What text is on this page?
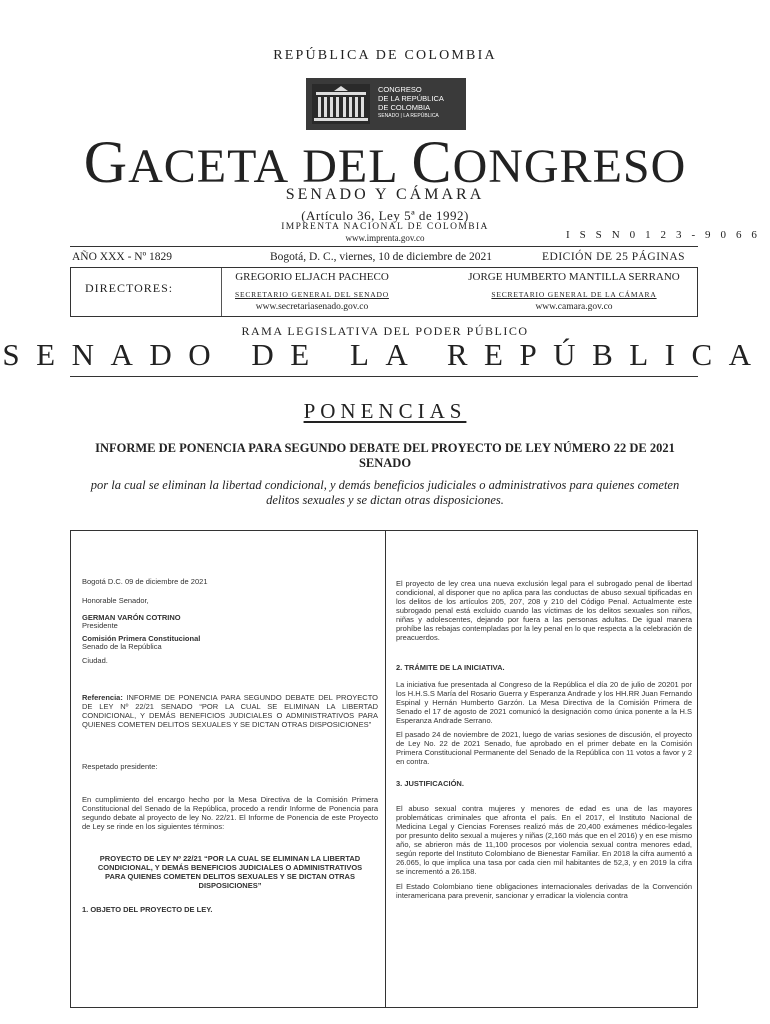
REPÚBLICA DE COLOMBIA
CONGRESO
DE LA REPÚBLICA
DE COLOMBIA
SENADO | LA REPÚBLICA
GACETA DEL CONGRESO
SENADO Y CÁMARA
(Artículo 36, Ley 5ª de 1992)
IMPRENTA NACIONAL DE COLOMBIA
www.imprenta.gov.co	I S S N 0 1 2 3 - 9 0 6 6
AÑO XXX - Nº 1829	Bogotá, D. C., viernes, 10 de diciembre de 2021	EDICIÓN DE 25 PÁGINAS
DIRECTORES:
GREGORIO ELJACH PACHECO
SECRETARIO GENERAL DEL SENADO
www.secretariasenado.gov.co
JORGE HUMBERTO MANTILLA SERRANO
SECRETARIO GENERAL DE LA CÁMARA
www.camara.gov.co
RAMA LEGISLATIVA DEL PODER PÚBLICO
SENADO DE LA REPÚBLICA
PONENCIAS
INFORME DE PONENCIA PARA SEGUNDO DEBATE DEL PROYECTO DE LEY NÚMERO 22 DE 2021 SENADO
por la cual se eliminan la libertad condicional, y demás beneficios judiciales o administrativos para quienes cometen delitos sexuales y se dictan otras disposiciones.
Bogotá D.C. 09 de diciembre de 2021
Honorable Senador,
GERMAN VARÓN COTRINO
Presidente
Comisión Primera Constitucional
Senado de la República
Ciudad.
Referencia: INFORME DE PONENCIA PARA SEGUNDO DEBATE DEL PROYECTO DE LEY Nº 22/21 SENADO “POR LA CUAL SE ELIMINAN LA LIBERTAD CONDICIONAL, Y DEMÁS BENEFICIOS JUDICIALES O ADMINISTRATIVOS PARA QUIENES COMETEN DELITOS SEXUALES Y SE DICTAN OTRAS DISPOSICIONES”
Respetado presidente:
En cumplimiento del encargo hecho por la Mesa Directiva de la Comisión Primera Constitucional del Senado de la República, procedo a rendir Informe de Ponencia para segundo debate al proyecto de ley No. 22/21. El Informe de Ponencia de este Proyecto de Ley se rinde en los siguientes términos:
PROYECTO DE LEY Nº 22/21 “POR LA CUAL SE ELIMINAN LA LIBERTAD CONDICIONAL, Y DEMÁS BENEFICIOS JUDICIALES O ADMINISTRATIVOS PARA QUIENES COMETEN DELITOS SEXUALES Y SE DICTAN OTRAS DISPOSICIONES”
1. OBJETO DEL PROYECTO DE LEY.
El proyecto de ley crea una nueva exclusión legal para el subrogado penal de libertad condicional, al disponer que no aplica para las conductas de abuso sexual tipificadas en los delitos de los artículos 205, 207, 208 y 210 del Código Penal. Actualmente este subrogado penal está excluido cuando las víctimas de los delitos sexuales son niños, niñas y adolescentes, dejando por fuera a las personas adultas. De igual manera prohíbe las rebajas contempladas por la ley penal en lo que respecta a la celebración de preacuerdos.
2. TRÁMITE DE LA INICIATIVA.
La iniciativa fue presentada al Congreso de la República el día 20 de julio de 20201 por los H.H.S.S María del Rosario Guerra y Esperanza Andrade y los HH.RR Juan Fernando Espinal y Hernán Humberto Garzón. La Mesa Directiva de la Comisión Primera de Senado el 17 de agosto de 2021 comunicó la designación como única ponente a la H.S Esperanza Andrade Serrano.
El pasado 24 de noviembre de 2021, luego de varias sesiones de discusión, el proyecto de Ley No. 22 de 2021 Senado, fue aprobado en el primer debate en la Comisión Primera Constitucional Permanente del Senado de la República con 11 votos a favor y 2 en contra.
3. JUSTIFICACIÓN.
El abuso sexual contra mujeres y menores de edad es una de las mayores problemáticas criminales que afronta el país. En el 2017, el Instituto Nacional de Medicina Legal y Ciencias Forenses realizó más de 20,400 exámenes médico-legales por presunto delito sexual a mujeres y niñas (2,160 más que en el 2016) y en ese mismo año, se abrieron más de 11,100 procesos por violencia sexual contra menores edad, según reporte del Instituto Colombiano de Bienestar Familiar. En 2018 la cifra aumentó a 26.065, lo que implica una tasa por cada cien mil habitantes de 52,3, y en 2019 la cifra se incrementó a 26.158.
El Estado Colombiano tiene obligaciones internacionales derivadas de la Convención interamericana para prevenir, sancionar y erradicar la violencia contra
